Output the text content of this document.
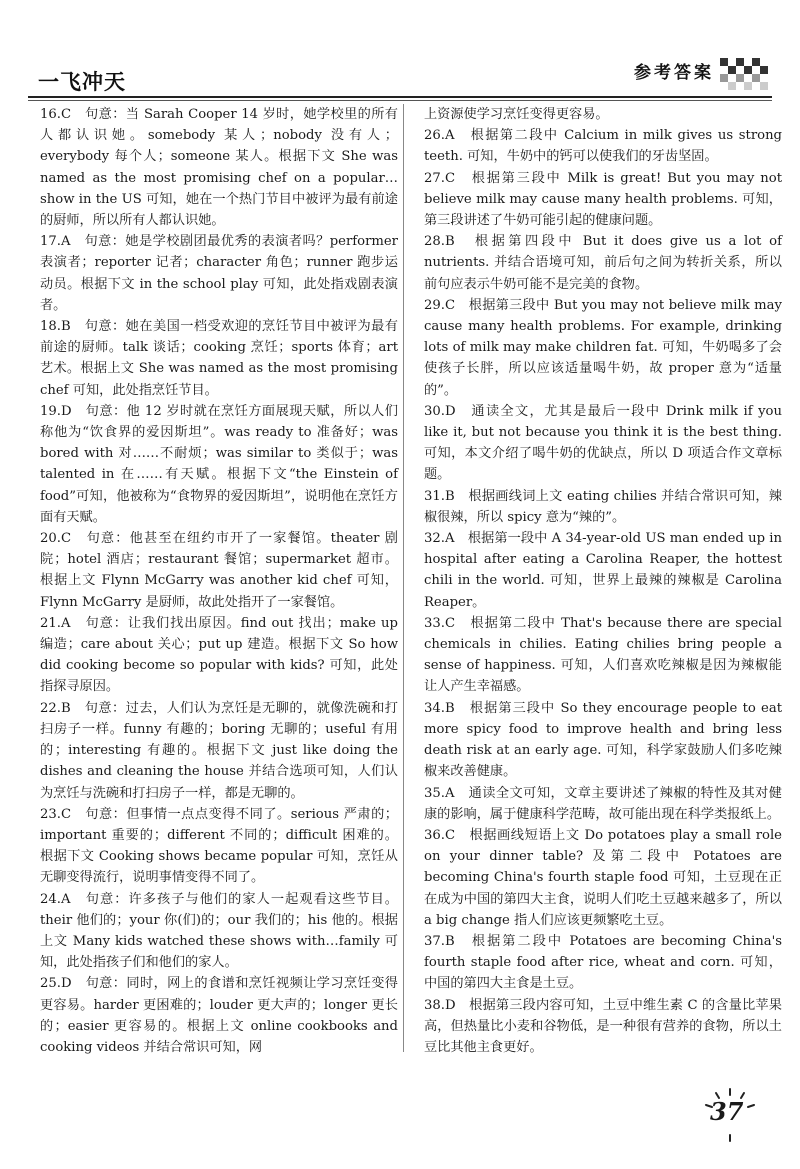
一飞冲天	参考答案

16.C　句意：当 Sarah Cooper 14 岁时，她学校里的所有人都认识她。somebody 某人；nobody 没有人；everybody 每个人；someone 某人。根据下文 She was named as the most promising chef on a popular…show in the US 可知，她在一个热门节目中被评为最有前途的厨师，所以所有人都认识她。

17.A　句意：她是学校剧团最优秀的表演者吗？performer 表演者；reporter 记者；character 角色；runner 跑步运动员。根据下文 in the school play 可知，此处指戏剧表演者。

18.B　句意：她在美国一档受欢迎的烹饪节目中被评为最有前途的厨师。talk 谈话；cooking 烹饪；sports 体育；art 艺术。根据上文 She was named as the most promising chef 可知，此处指烹饪节目。

19.D　句意：他 12 岁时就在烹饪方面展现天赋，所以人们称他为“饮食界的爱因斯坦”。was ready to 准备好；was bored with 对……不耐烦；was similar to 类似于；was talented in 在……有天赋。根据下文“the Einstein of food”可知，他被称为“食物界的爱因斯坦”，说明他在烹饪方面有天赋。

20.C　句意：他甚至在纽约市开了一家餐馆。theater 剧院；hotel 酒店；restaurant 餐馆；supermarket 超市。根据上文 Flynn McGarry was another kid chef 可知，Flynn McGarry 是厨师，故此处指开了一家餐馆。

21.A　句意：让我们找出原因。find out 找出；make up 编造；care about 关心；put up 建造。根据下文 So how did cooking become so popular with kids? 可知，此处指探寻原因。

22.B　句意：过去，人们认为烹饪是无聊的，就像洗碗和打扫房子一样。funny 有趣的；boring 无聊的；useful 有用的；interesting 有趣的。根据下文 just like doing the dishes and cleaning the house 并结合选项可知，人们认为烹饪与洗碗和打扫房子一样，都是无聊的。

23.C　句意：但事情一点点变得不同了。serious 严肃的；important 重要的；different 不同的；difficult 困难的。根据下文 Cooking shows became popular 可知，烹饪从无聊变得流行，说明事情变得不同了。

24.A　句意：许多孩子与他们的家人一起观看这些节目。their 他们的；your 你(们)的；our 我们的；his 他的。根据上文 Many kids watched these shows with…family 可知，此处指孩子们和他们的家人。

25.D　句意：同时，网上的食谱和烹饪视频让学习烹饪变得更容易。harder 更困难的；louder 更大声的；longer 更长的；easier 更容易的。根据上文 online cookbooks and cooking videos 并结合常识可知，网

上资源使学习烹饪变得更容易。

26.A　根据第二段中 Calcium in milk gives us strong teeth. 可知，牛奶中的钙可以使我们的牙齿坚固。

27.C　根据第三段中 Milk is great! But you may not believe milk may cause many health problems. 可知，第三段讲述了牛奶可能引起的健康问题。

28.B　根据第四段中 But it does give us a lot of nutrients. 并结合语境可知，前后句之间为转折关系，所以前句应表示牛奶可能不是完美的食物。

29.C　根据第三段中 But you may not believe milk may cause many health problems. For example, drinking lots of milk may make children fat. 可知，牛奶喝多了会使孩子长胖，所以应该适量喝牛奶，故 proper 意为“适量的”。

30.D　通读全文，尤其是最后一段中 Drink milk if you like it, but not because you think it is the best thing. 可知，本文介绍了喝牛奶的优缺点，所以 D 项适合作文章标题。

31.B　根据画线词上文 eating chilies 并结合常识可知，辣椒很辣，所以 spicy 意为“辣的”。

32.A　根据第一段中 A 34-year-old US man ended up in hospital after eating a Carolina Reaper, the hottest chili in the world. 可知，世界上最辣的辣椒是 Carolina Reaper。

33.C　根据第二段中 That's because there are special chemicals in chilies. Eating chilies bring people a sense of happiness. 可知，人们喜欢吃辣椒是因为辣椒能让人产生幸福感。

34.B　根据第三段中 So they encourage people to eat more spicy food to improve health and bring less death risk at an early age. 可知，科学家鼓励人们多吃辣椒来改善健康。

35.A　通读全文可知，文章主要讲述了辣椒的特性及其对健康的影响，属于健康科学范畴，故可能出现在科学类报纸上。

36.C　根据画线短语上文 Do potatoes play a small role on your dinner table? 及第二段中 Potatoes are becoming China's fourth staple food 可知，土豆现在正在成为中国的第四大主食，说明人们吃土豆越来越多了，所以 a big change 指人们应该更频繁吃土豆。

37.B　根据第二段中 Potatoes are becoming China's fourth staple food after rice, wheat and corn. 可知，中国的第四大主食是土豆。

38.D　根据第三段内容可知，土豆中维生素 C 的含量比苹果高，但热量比小麦和谷物低，是一种很有营养的食物，所以土豆比其他主食更好。

37
